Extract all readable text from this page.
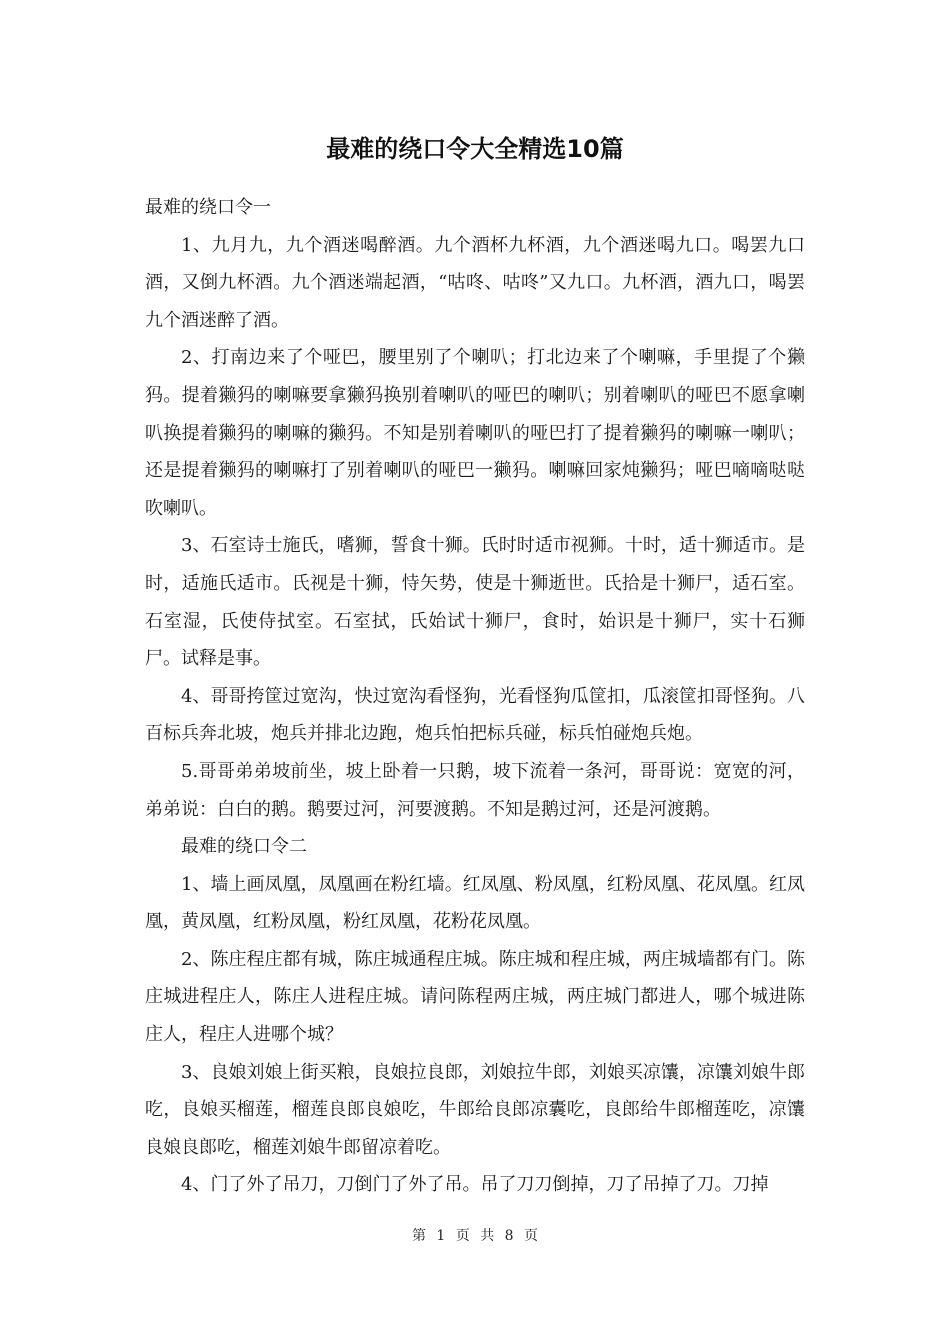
最难的绕口令大全精选10篇

最难的绕口令一

1、九月九，九个酒迷喝醉酒。九个酒杯九杯酒，九个酒迷喝九口。喝罢九口酒，又倒九杯酒。九个酒迷端起酒，“咕咚、咕咚”又九口。九杯酒，酒九口，喝罢九个酒迷醉了酒。

2、打南边来了个哑巴，腰里别了个喇叭；打北边来了个喇嘛，手里提了个獭犸。提着獭犸的喇嘛要拿獭犸换别着喇叭的哑巴的喇叭；别着喇叭的哑巴不愿拿喇叭换提着獭犸的喇嘛的獭犸。不知是别着喇叭的哑巴打了提着獭犸的喇嘛一喇叭；还是提着獭犸的喇嘛打了别着喇叭的哑巴一獭犸。喇嘛回家炖獭犸；哑巴嘀嘀哒哒吹喇叭。

3、石室诗士施氏，嗜狮，誓食十狮。氏时时适市视狮。十时，适十狮适市。是时，适施氏适市。氏视是十狮，恃矢势，使是十狮逝世。氏拾是十狮尸，适石室。石室湿，氏使侍拭室。石室拭，氏始试十狮尸，食时，始识是十狮尸，实十石狮尸。试释是事。

4、哥哥挎筐过宽沟，快过宽沟看怪狗，光看怪狗瓜筐扣，瓜滚筐扣哥怪狗。八百标兵奔北坡，炮兵并排北边跑，炮兵怕把标兵碰，标兵怕碰炮兵炮。

5.哥哥弟弟坡前坐，坡上卧着一只鹅，坡下流着一条河，哥哥说：宽宽的河，弟弟说：白白的鹅。鹅要过河，河要渡鹅。不知是鹅过河，还是河渡鹅。

最难的绕口令二

1、墙上画凤凰，凤凰画在粉红墙。红凤凰、粉凤凰，红粉凤凰、花凤凰。红凤凰，黄凤凰，红粉凤凰，粉红凤凰，花粉花凤凰。

2、陈庄程庄都有城，陈庄城通程庄城。陈庄城和程庄城，两庄城墙都有门。陈庄城进程庄人，陈庄人进程庄城。请问陈程两庄城，两庄城门都进人，哪个城进陈庄人，程庄人进哪个城？

3、良娘刘娘上街买粮，良娘拉良郎，刘娘拉牛郎，刘娘买凉馕，凉馕刘娘牛郎吃，良娘买榴莲，榴莲良郎良娘吃，牛郎给良郎凉囊吃，良郎给牛郎榴莲吃，凉馕良娘良郎吃，榴莲刘娘牛郎留凉着吃。

4、门了外了吊刀，刀倒门了外了吊。吊了刀刀倒掉，刀了吊掉了刀。刀掉

第 1 页 共 8 页
